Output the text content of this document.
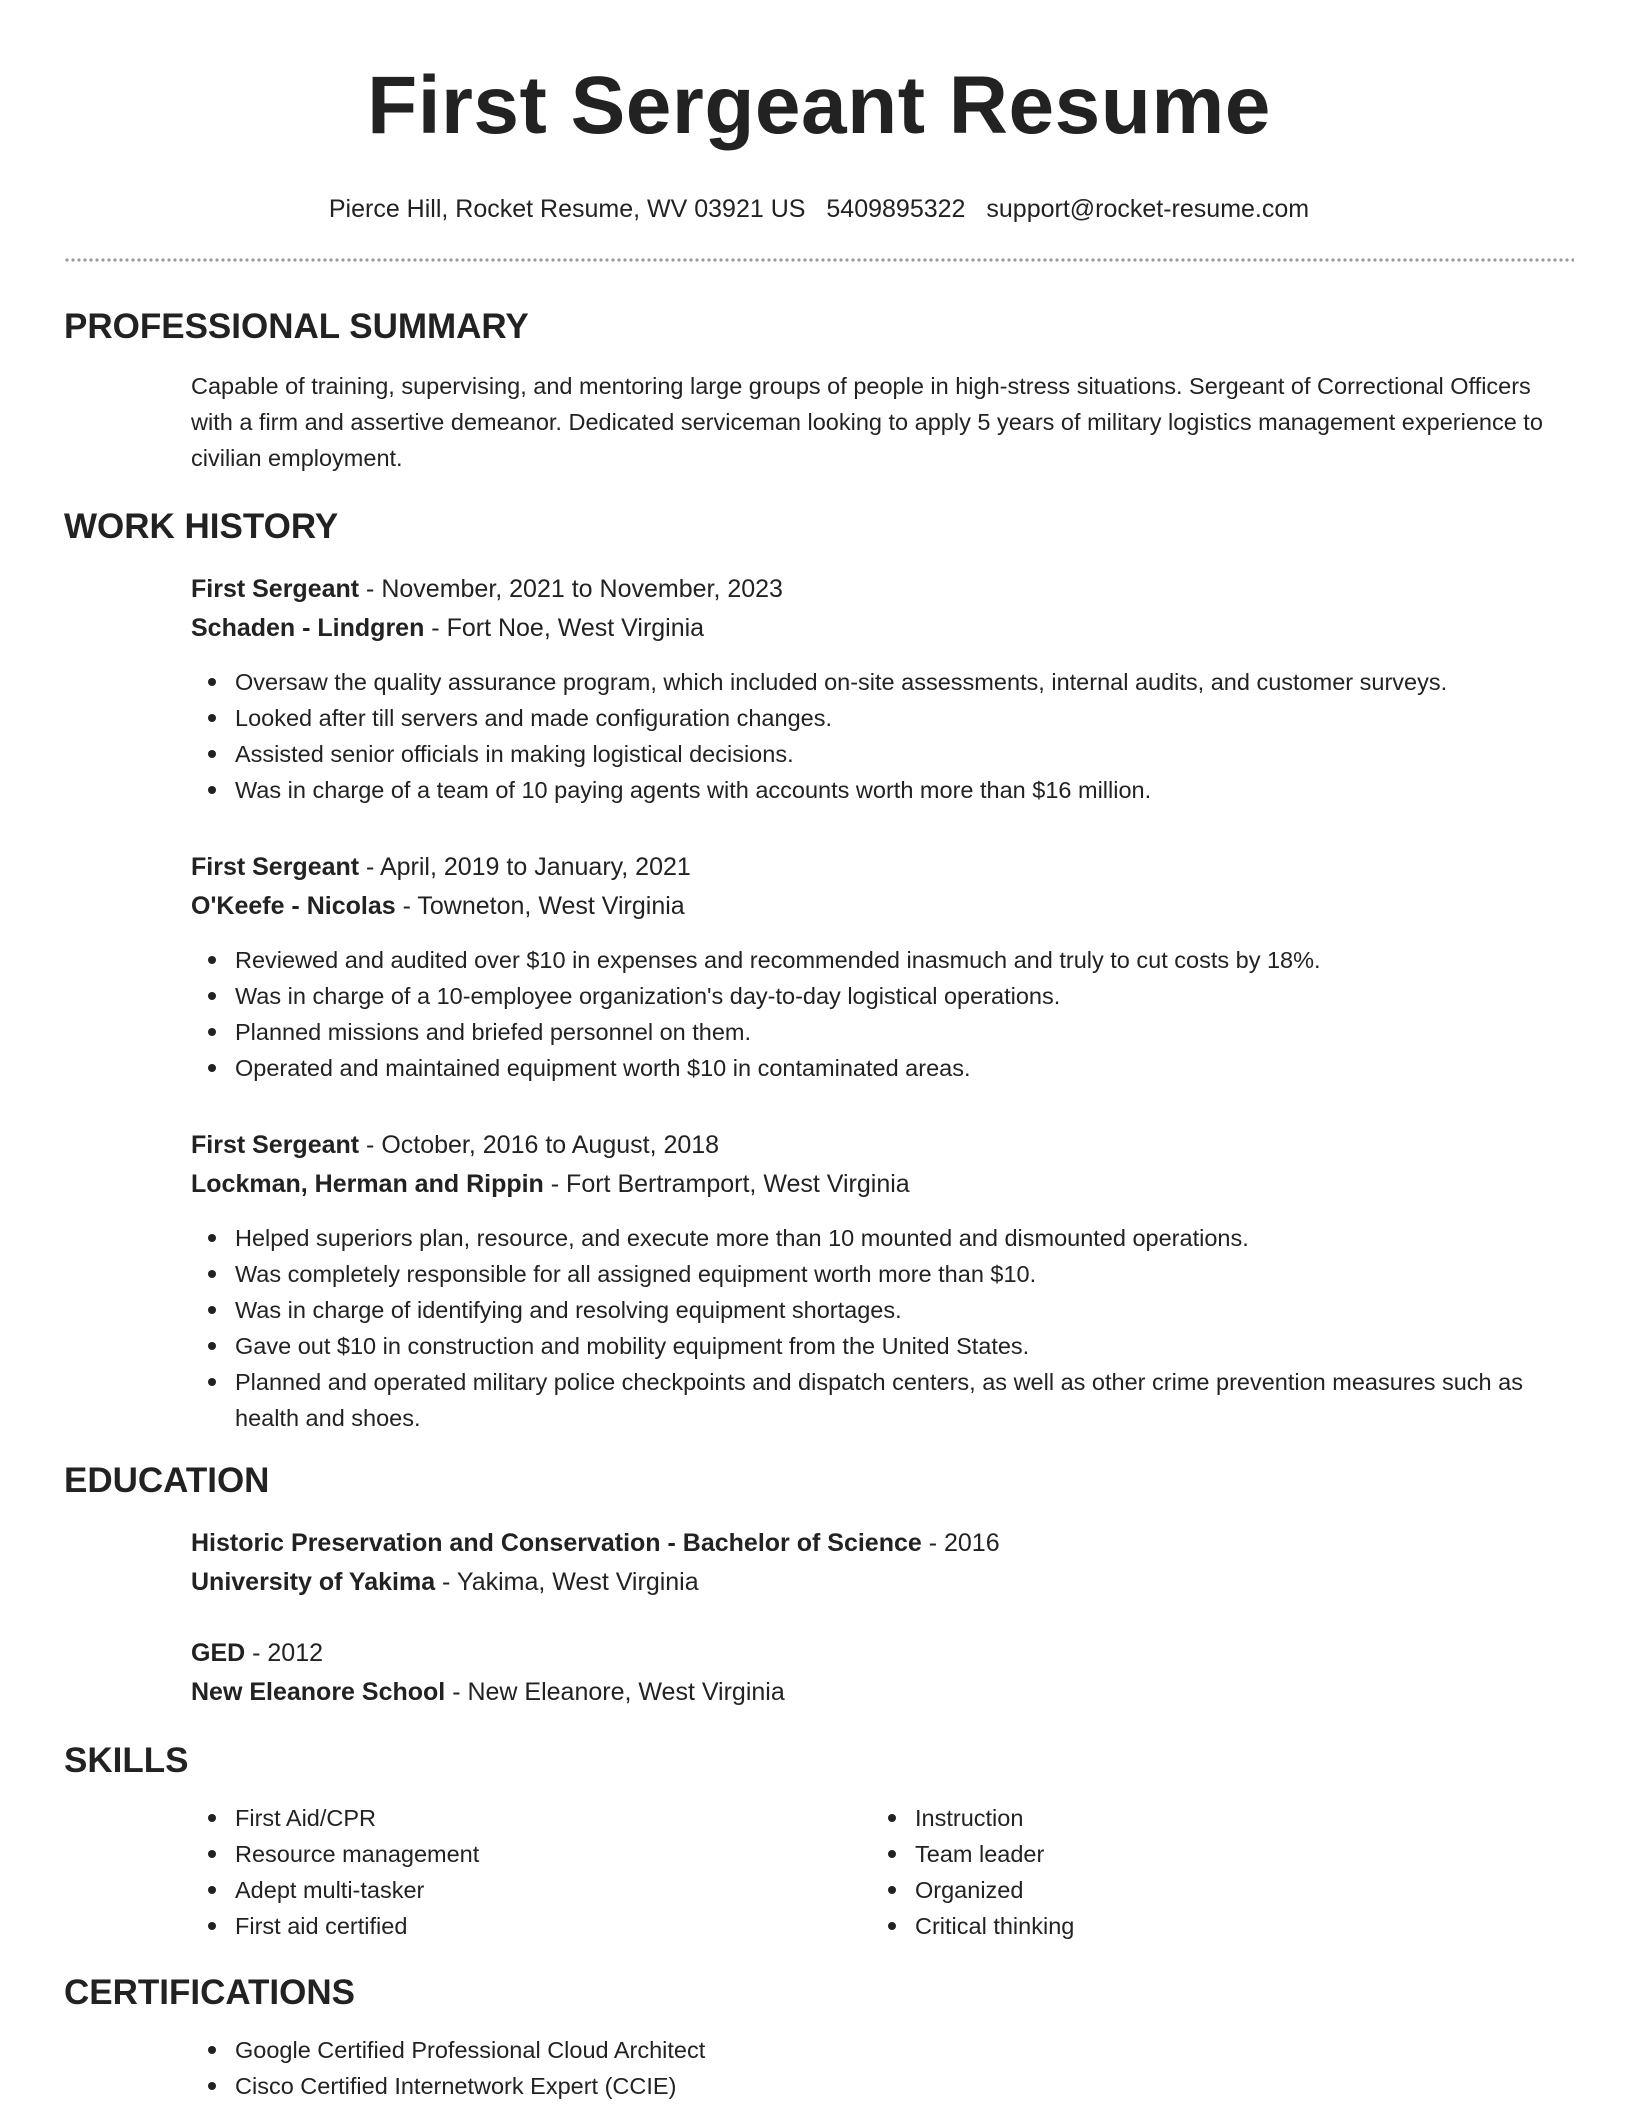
First Sergeant Resume
Pierce Hill, Rocket Resume, WV 03921 US 5409895322 support@rocket-resume.com
PROFESSIONAL SUMMARY

Capable of training, supervising, and mentoring large groups of people in high-stress situations. Sergeant of Correctional Officers with a firm and assertive demeanor. Dedicated serviceman looking to apply 5 years of military logistics management experience to civilian employment.

WORK HISTORY
First Sergeant - November, 2021 to November, 2023
Schaden - Lindgren - Fort Noe, West Virginia
Oversaw the quality assurance program, which included on-site assessments, internal audits, and customer surveys.
Looked after till servers and made configuration changes.
Assisted senior officials in making logistical decisions.
Was in charge of a team of 10 paying agents with accounts worth more than $16 million.
First Sergeant - April, 2019 to January, 2021
O'Keefe - Nicolas - Towneton, West Virginia
Reviewed and audited over $10 in expenses and recommended inasmuch and truly to cut costs by 18%.
Was in charge of a 10-employee organization's day-to-day logistical operations.
Planned missions and briefed personnel on them.
Operated and maintained equipment worth $10 in contaminated areas.
First Sergeant - October, 2016 to August, 2018
Lockman, Herman and Rippin - Fort Bertramport, West Virginia
Helped superiors plan, resource, and execute more than 10 mounted and dismounted operations.
Was completely responsible for all assigned equipment worth more than $10.
Was in charge of identifying and resolving equipment shortages.
Gave out $10 in construction and mobility equipment from the United States.
Planned and operated military police checkpoints and dispatch centers, as well as other crime prevention measures such as health and shoes.
EDUCATION
Historic Preservation and Conservation - Bachelor of Science - 2016
University of Yakima - Yakima, West Virginia
GED - 2012
New Eleanore School - New Eleanore, West Virginia
SKILLS
First Aid/CPR
Resource management
Adept multi-tasker
First aid certified
Instruction
Team leader
Organized
Critical thinking
CERTIFICATIONS
Google Certified Professional Cloud Architect
Cisco Certified Internetwork Expert (CCIE)
